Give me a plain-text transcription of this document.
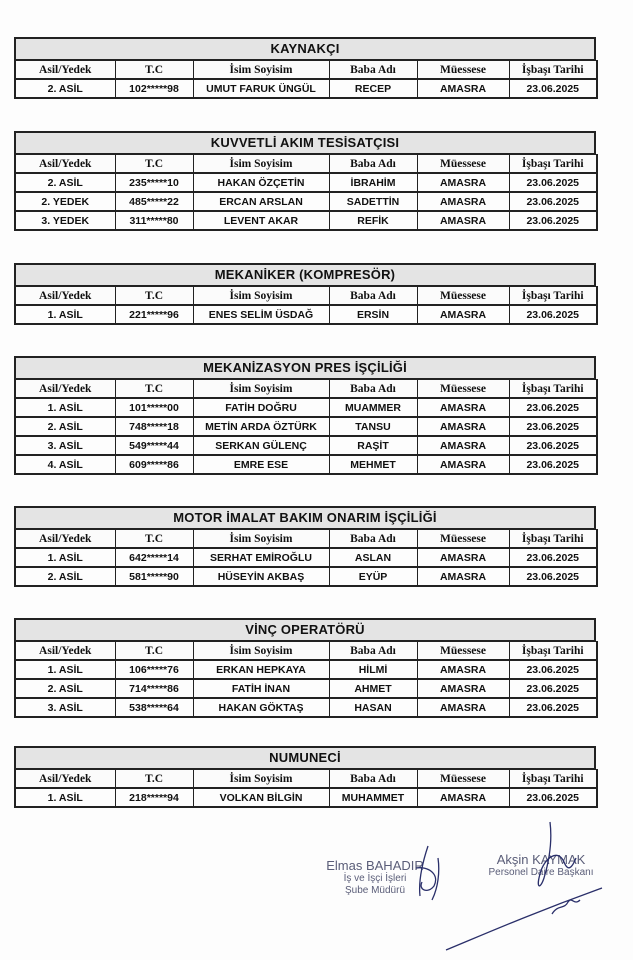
KAYNAKÇI
Asil/Yedek	T.C	İsim Soyisim	Baba Adı	Müessese	İşbaşı Tarihi
2. ASİL	102*****98	UMUT FARUK ÜNGÜL	RECEP	AMASRA	23.06.2025
KUVVETLİ AKIM TESİSATÇISI
Asil/Yedek	T.C	İsim Soyisim	Baba Adı	Müessese	İşbaşı Tarihi
2. ASİL	235*****10	HAKAN ÖZÇETİN	İBRAHİM	AMASRA	23.06.2025
2. YEDEK	485*****22	ERCAN ARSLAN	SADETTİN	AMASRA	23.06.2025
3. YEDEK	311*****80	LEVENT AKAR	REFİK	AMASRA	23.06.2025
MEKANİKER (KOMPRESÖR)
Asil/Yedek	T.C	İsim Soyisim	Baba Adı	Müessese	İşbaşı Tarihi
1. ASİL	221*****96	ENES SELİM ÜSDAĞ	ERSİN	AMASRA	23.06.2025
MEKANİZASYON PRES İŞÇİLİĞİ
Asil/Yedek	T.C	İsim Soyisim	Baba Adı	Müessese	İşbaşı Tarihi
1. ASİL	101*****00	FATİH DOĞRU	MUAMMER	AMASRA	23.06.2025
2. ASİL	748*****18	METİN ARDA ÖZTÜRK	TANSU	AMASRA	23.06.2025
3. ASİL	549*****44	SERKAN GÜLENÇ	RAŞİT	AMASRA	23.06.2025
4. ASİL	609*****86	EMRE ESE	MEHMET	AMASRA	23.06.2025
MOTOR İMALAT BAKIM ONARIM İŞÇİLİĞİ
Asil/Yedek	T.C	İsim Soyisim	Baba Adı	Müessese	İşbaşı Tarihi
1. ASİL	642*****14	SERHAT EMİROĞLU	ASLAN	AMASRA	23.06.2025
2. ASİL	581*****90	HÜSEYİN AKBAŞ	EYÜP	AMASRA	23.06.2025
VİNÇ OPERATÖRÜ
Asil/Yedek	T.C	İsim Soyisim	Baba Adı	Müessese	İşbaşı Tarihi
1. ASİL	106*****76	ERKAN HEPKAYA	HİLMİ	AMASRA	23.06.2025
2. ASİL	714*****86	FATİH İNAN	AHMET	AMASRA	23.06.2025
3. ASİL	538*****64	HAKAN GÖKTAŞ	HASAN	AMASRA	23.06.2025
NUMUNECİ
Asil/Yedek	T.C	İsim Soyisim	Baba Adı	Müessese	İşbaşı Tarihi
1. ASİL	218*****94	VOLKAN BİLGİN	MUHAMMET	AMASRA	23.06.2025
Elmas BAHADIR
İş ve İşçi İşleri
Şube Müdürü
Akşin KAYMAK
Personel Daire Başkanı
